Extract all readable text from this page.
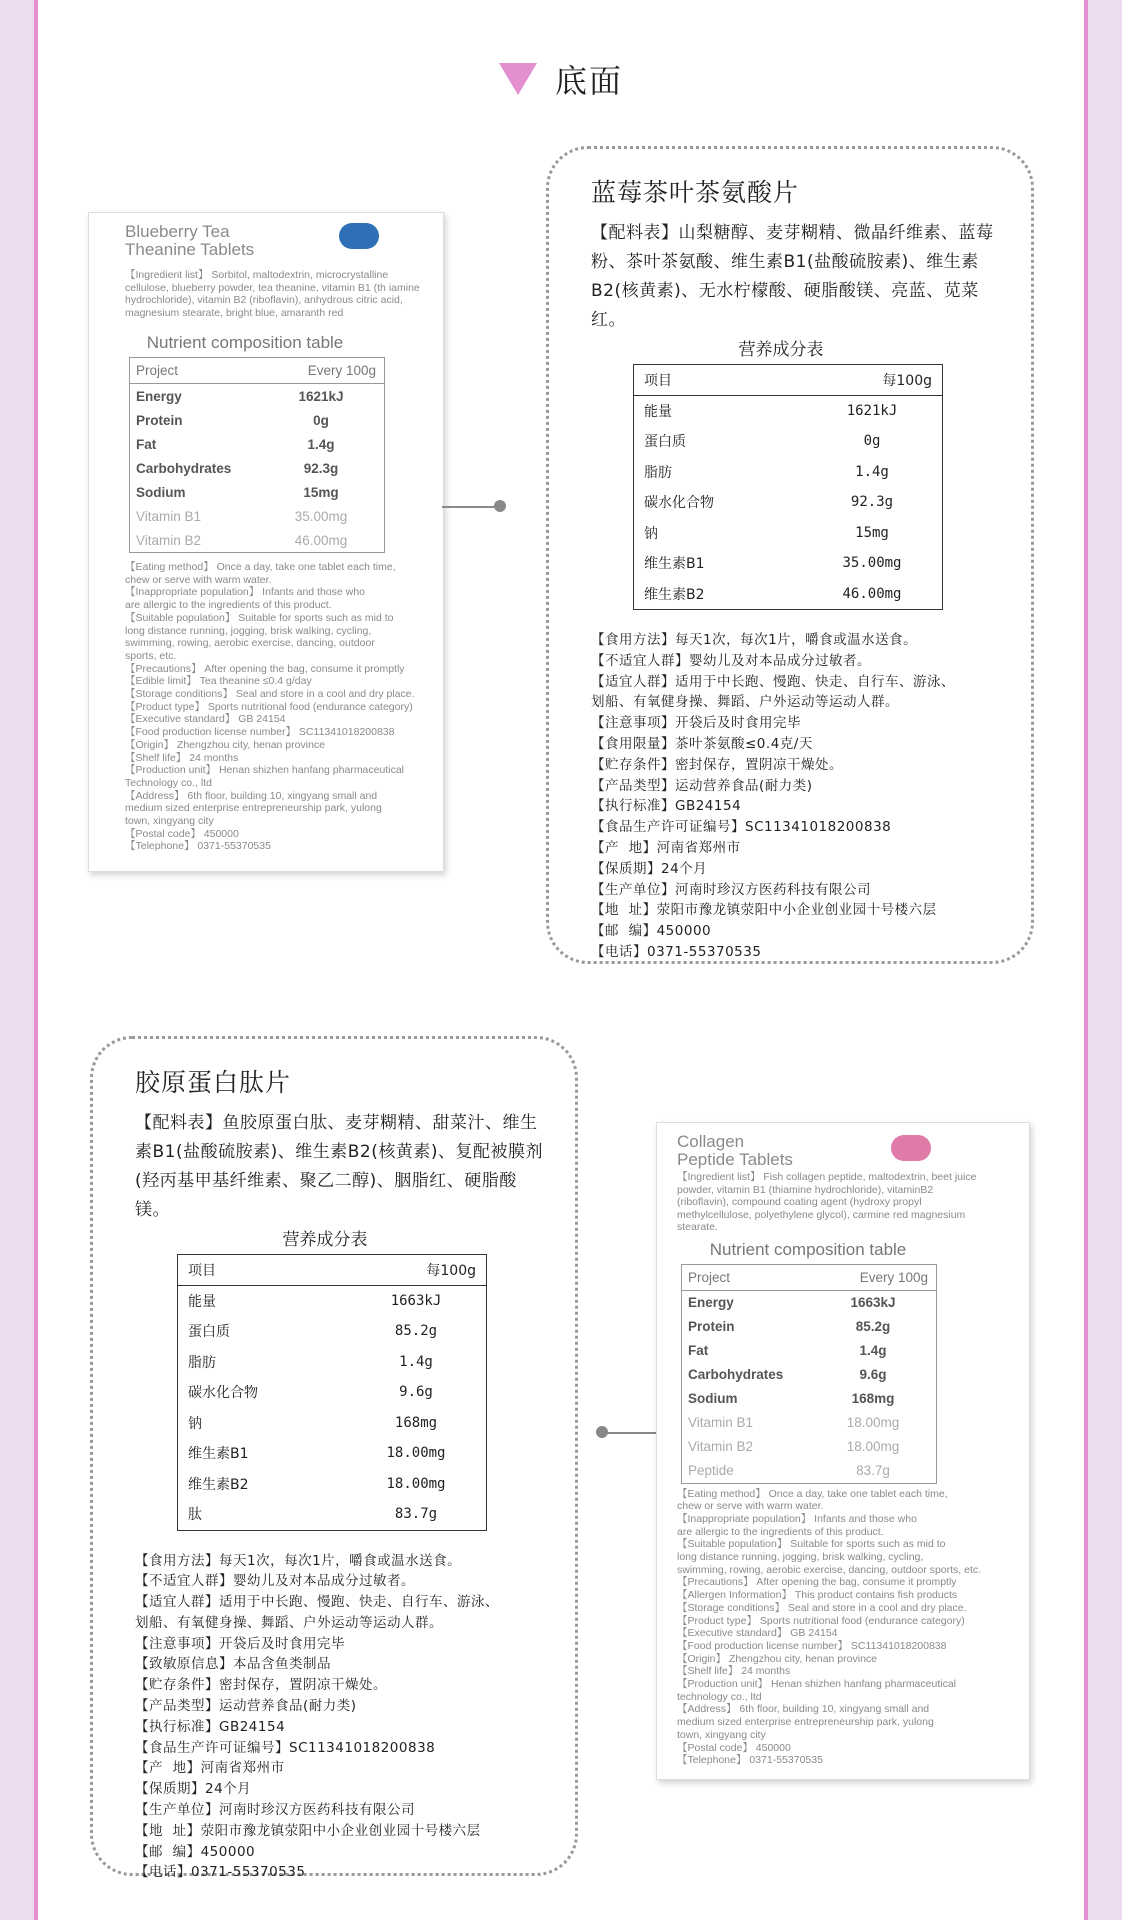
底面
Blueberry Tea
Theanine Tablets
【Ingredient list】 Sorbitol, maltodextrin, microcrystalline cellulose, blueberry powder, tea theanine, vitamin B1 (th iamine hydrochloride), vitamin B2 (riboflavin), anhydrous citric acid, magnesium stearate, bright blue, amaranth red
Nutrient composition table
Project	Every 100g
Energy	1621kJ
Protein	0g
Fat	1.4g
Carbohydrates	92.3g
Sodium	15mg
Vitamin B1	35.00mg
Vitamin B2	46.00mg
【Eating method】 Once a day, take one tablet each time,
chew or serve with warm water.
【Inappropriate population】 Infants and those who
are allergic to the ingredients of this product.
【Suitable population】 Suitable for sports such as mid to
long distance running, jogging, brisk walking, cycling,
swimming, rowing, aerobic exercise, dancing, outdoor
sports, etc.
【Precautions】 After opening the bag, consume it promptly
【Edible limit】 Tea theanine ≤0.4 g/day
【Storage conditions】 Seal and store in a cool and dry place.
【Product type】 Sports nutritional food (endurance category)
【Executive standard】 GB 24154
【Food production license number】 SC11341018200838
【Origin】 Zhengzhou city, henan province
【Shelf life】 24 months
【Production unit】 Henan shizhen hanfang pharmaceutical
Technology co., ltd
【Address】 6th floor, building 10, xingyang small and
medium sized enterprise entrepreneurship park, yulong
town, xingyang city
【Postal code】 450000
【Telephone】 0371-55370535
蓝莓茶叶茶氨酸片
【配料表】山梨糖醇、麦芽糊精、微晶纤维素、蓝莓粉、茶叶茶氨酸、维生素B1(盐酸硫胺素)、维生素B2(核黄素)、无水柠檬酸、硬脂酸镁、亮蓝、苋菜红。
营养成分表
项目	每100g
能量	1621kJ
蛋白质	0g
脂肪	1.4g
碳水化合物	92.3g
钠	15mg
维生素B1	35.00mg
维生素B2	46.00mg
【食用方法】每天1次，每次1片，嚼食或温水送食。
【不适宜人群】婴幼儿及对本品成分过敏者。
【适宜人群】适用于中长跑、慢跑、快走、自行车、游泳、
划船、有氧健身操、舞蹈、户外运动等运动人群。
【注意事项】开袋后及时食用完毕
【食用限量】茶叶茶氨酸≤0.4克/天
【贮存条件】密封保存，置阴凉干燥处。
【产品类型】运动营养食品(耐力类)
【执行标准】GB24154
【食品生产许可证编号】SC11341018200838
【产  地】河南省郑州市
【保质期】24个月
【生产单位】河南时珍汉方医药科技有限公司
【地  址】荥阳市豫龙镇荥阳中小企业创业园十号楼六层
【邮  编】450000
【电话】0371-55370535
胶原蛋白肽片
【配料表】鱼胶原蛋白肽、麦芽糊精、甜菜汁、维生素B1(盐酸硫胺素)、维生素B2(核黄素)、复配被膜剂(羟丙基甲基纤维素、聚乙二醇)、胭脂红、硬脂酸镁。
营养成分表
项目	每100g
能量	1663kJ
蛋白质	85.2g
脂肪	1.4g
碳水化合物	9.6g
钠	168mg
维生素B1	18.00mg
维生素B2	18.00mg
肽	83.7g
【食用方法】每天1次，每次1片，嚼食或温水送食。
【不适宜人群】婴幼儿及对本品成分过敏者。
【适宜人群】适用于中长跑、慢跑、快走、自行车、游泳、
划船、有氧健身操、舞蹈、户外运动等运动人群。
【注意事项】开袋后及时食用完毕
【致敏原信息】本品含鱼类制品
【贮存条件】密封保存，置阴凉干燥处。
【产品类型】运动营养食品(耐力类)
【执行标准】GB24154
【食品生产许可证编号】SC11341018200838
【产  地】河南省郑州市
【保质期】24个月
【生产单位】河南时珍汉方医药科技有限公司
【地  址】荥阳市豫龙镇荥阳中小企业创业园十号楼六层
【邮  编】450000
【电话】0371-55370535
Collagen
Peptide Tablets
【Ingredient list】 Fish collagen peptide, maltodextrin, beet juice powder, vitamin B1 (thiamine hydrochloride), vitaminB2 (riboflavin), compound coating agent (hydroxy propyl methylcellulose, polyethylene glycol), carmine red magnesium stearate.
Nutrient composition table
Project	Every 100g
Energy	1663kJ
Protein	85.2g
Fat	1.4g
Carbohydrates	9.6g
Sodium	168mg
Vitamin B1	18.00mg
Vitamin B2	18.00mg
Peptide	83.7g
【Eating method】 Once a day, take one tablet each time,
chew or serve with warm water.
【Inappropriate population】 Infants and those who
are allergic to the ingredients of this product.
【Suitable population】 Suitable for sports such as mid to
long distance running, jogging, brisk walking, cycling,
swimming, rowing, aerobic exercise, dancing, outdoor sports, etc.
【Precautions】 After opening the bag, consume it promptly
【Allergen Information】 This product contains fish products
【Storage conditions】 Seal and store in a cool and dry place.
【Product type】 Sports nutritional food (endurance category)
【Executive standard】 GB 24154
【Food production license number】 SC11341018200838
【Origin】 Zhengzhou city, henan province
【Shelf life】 24 months
【Production unit】 Henan shizhen hanfang pharmaceutical
technology co., ltd
【Address】 6th floor, building 10, xingyang small and
medium sized enterprise entrepreneurship park, yulong
town, xingyang city
【Postal code】 450000
【Telephone】 0371-55370535
